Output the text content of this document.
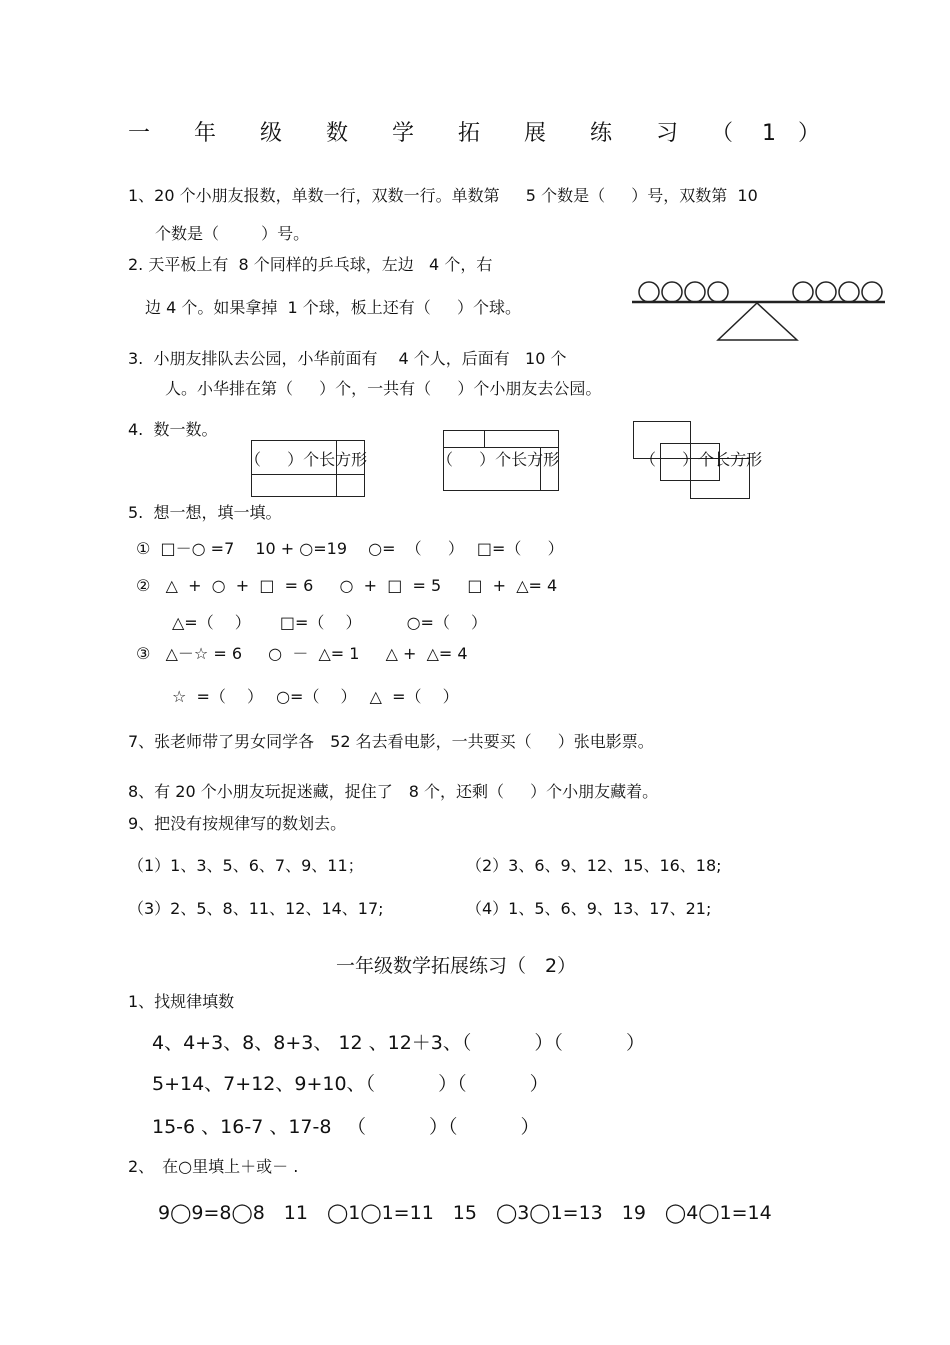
一　　年　　级　　数　　学　　拓　　展　　练　　习　　（　 1　）
1、20 个小朋友报数，单数一行，双数一行。单数第　  5 个数是（　  ）号，双数第  10
个数是（　　  ）号。
2. 天平板上有  8 个同样的乒乓球，左边   4 个，右
边 4 个。如果拿掉  1 个球，板上还有（　  ）个球。
3.  小朋友排队去公园，小华前面有　 4 个人，后面有   10 个
人。小华排在第（　  ）个，一共有（　  ）个小朋友去公园。
4.  数一数。
（　  ）个长方形	（　  ）个长方形	（　  ）个长方形
5.  想一想，填一填。
①  □－○ =7　 10 + ○=19　 ○=  （　  ）　 □=（　  ）
②   △  +  ○  +  □  = 6　  ○  +  □  = 5　  □  +  △= 4
△=（　 ）　　 □=（　 ）　　　 ○=（　 ）
③   △－☆ = 6　  ○  －  △= 1　  △ +  △= 4
☆  =（　 ）　 ○=（　 ）　 △  =（　 ）
7、张老师带了男女同学各　52 名去看电影，一共要买（　  ）张电影票。
8、有 20 个小朋友玩捉迷藏，捉住了　8 个，还剩（　  ）个小朋友藏着。
9、把没有按规律写的数划去。
（1）1、3、5、6、7、9、11；	（2）3、6、9、12、15、16、18;
（3）2、5、8、11、12、14、17;	（4）1、5、6、9、13、17、21;
一年级数学拓展练习（　2）
1、找规律填数
4、4+3、8、8+3、 12 、12＋3、（　　　 ）（　　　 ）
5+14、7+12、9+10、（　　　 ）（　　　 ）
15-6 、16-7 、17-8 　（　　　 ）（　　　 ）
2、　在○里填上＋或－ .
9◯9=8◯8　11　◯1◯1=11　15　◯3◯1=13　19　◯4◯1=14
